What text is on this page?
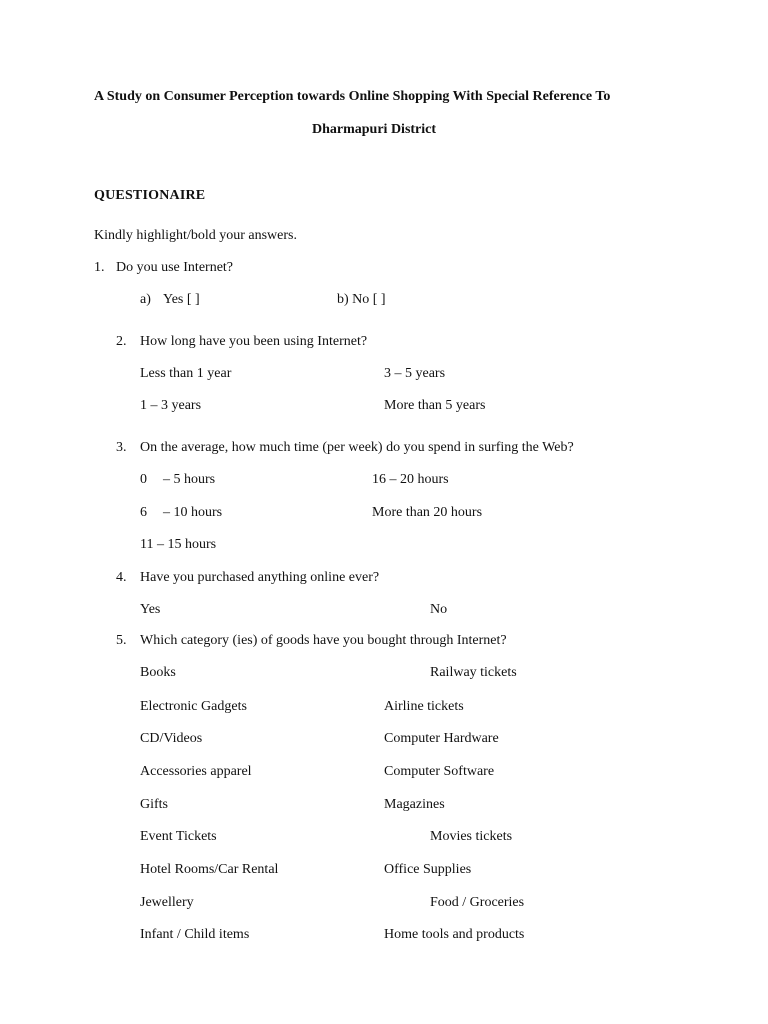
A Study on Consumer Perception towards Online Shopping With Special Reference To
Dharmapuri District
QUESTIONAIRE
Kindly highlight/bold your answers.
1. Do you use Internet?
a) Yes [ ]	b) No [ ]
2. How long have you been using Internet?
Less than 1 year	3 – 5 years
1 – 3 years	More than 5 years
3. On the average, how much time (per week) do you spend in surfing the Web?
0 – 5 hours	16 – 20 hours
6 – 10 hours	More than 20 hours
11 – 15 hours
4. Have you purchased anything online ever?
Yes	No
5. Which category (ies) of goods have you bought through Internet?
Books	Railway tickets
Electronic Gadgets	Airline tickets
CD/Videos	Computer Hardware
Accessories apparel	Computer Software
Gifts	Magazines
Event Tickets	Movies tickets
Hotel Rooms/Car Rental	Office Supplies
Jewellery	Food / Groceries
Infant / Child items	Home tools and products
